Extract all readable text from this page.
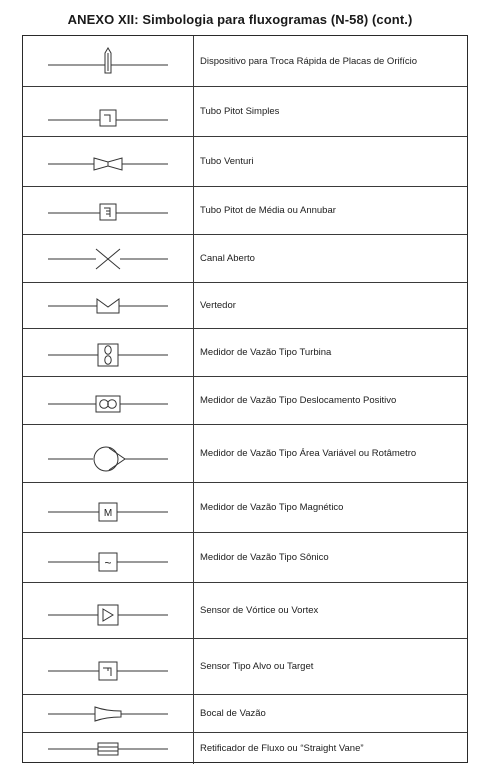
ANEXO XII: Simbologia para fluxogramas (N-58) (cont.)
Dispositivo para Troca Rápida de Placas de Orifício
Tubo Pitot Simples
Tubo Venturi
Tubo Pitot de Média ou Annubar
Canal Aberto
Vertedor
Medidor de Vazão Tipo Turbina
Medidor de Vazão Tipo Deslocamento Positivo
Medidor de Vazão Tipo Área Variável ou Rotâmetro
M	Medidor de Vazão Tipo Magnético
~	Medidor de Vazão Tipo Sônico
Sensor de Vórtice ou Vortex
Sensor Tipo Alvo ou Target
Bocal de Vazão
Retificador de Fluxo ou “Straight Vane”
